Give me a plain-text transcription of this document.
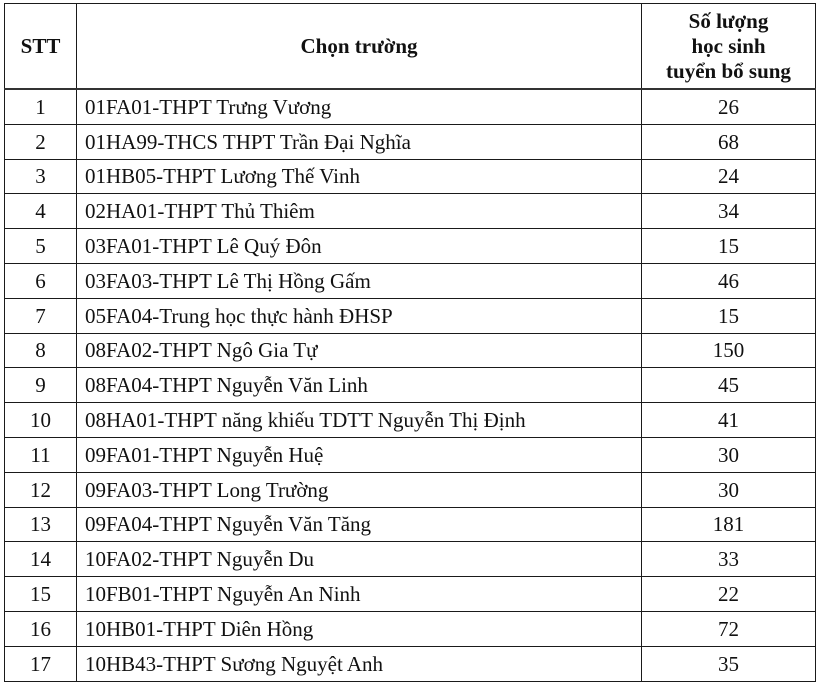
STT	Chọn trường	Số lượng
học sinh
tuyển bổ sung

1	01FA01-THPT Trưng Vương	26
2	01HA99-THCS THPT Trần Đại Nghĩa	68
3	01HB05-THPT Lương Thế Vinh	24
4	02HA01-THPT Thủ Thiêm	34
5	03FA01-THPT Lê Quý Đôn	15
6	03FA03-THPT Lê Thị Hồng Gấm	46
7	05FA04-Trung học thực hành ĐHSP	15
8	08FA02-THPT Ngô Gia Tự	150
9	08FA04-THPT Nguyễn Văn Linh	45
10	08HA01-THPT năng khiếu TDTT Nguyễn Thị Định	41
11	09FA01-THPT Nguyễn Huệ	30
12	09FA03-THPT Long Trường	30
13	09FA04-THPT Nguyễn Văn Tăng	181
14	10FA02-THPT Nguyễn Du	33
15	10FB01-THPT Nguyễn An Ninh	22
16	10HB01-THPT Diên Hồng	72
17	10HB43-THPT Sương Nguyệt Anh	35
